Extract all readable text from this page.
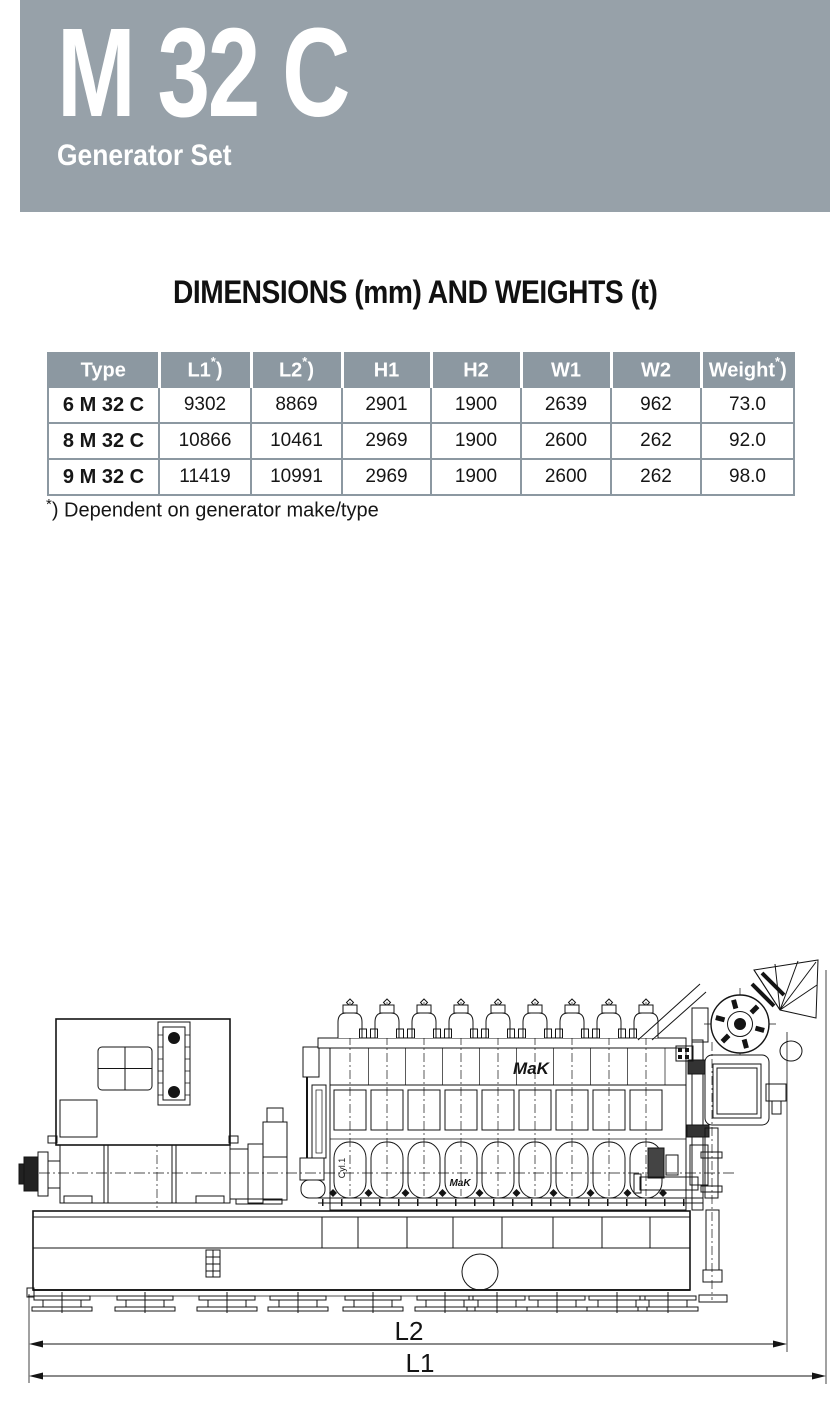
M 32 C
Generator Set
DIMENSIONS (mm) AND WEIGHTS (t)
Type	L1*)	L2*)	H1	H2	W1	W2	Weight*)
6 M 32 C	9302	8869	2901	1900	2639	962	73.0
8 M 32 C	10866	10461	2969	1900	2600	262	92.0
9 M 32 C	11419	10991	2969	1900	2600	262	98.0
*) Dependent on generator make/type
MaK
MaK
Cyl.1
L2
L1
